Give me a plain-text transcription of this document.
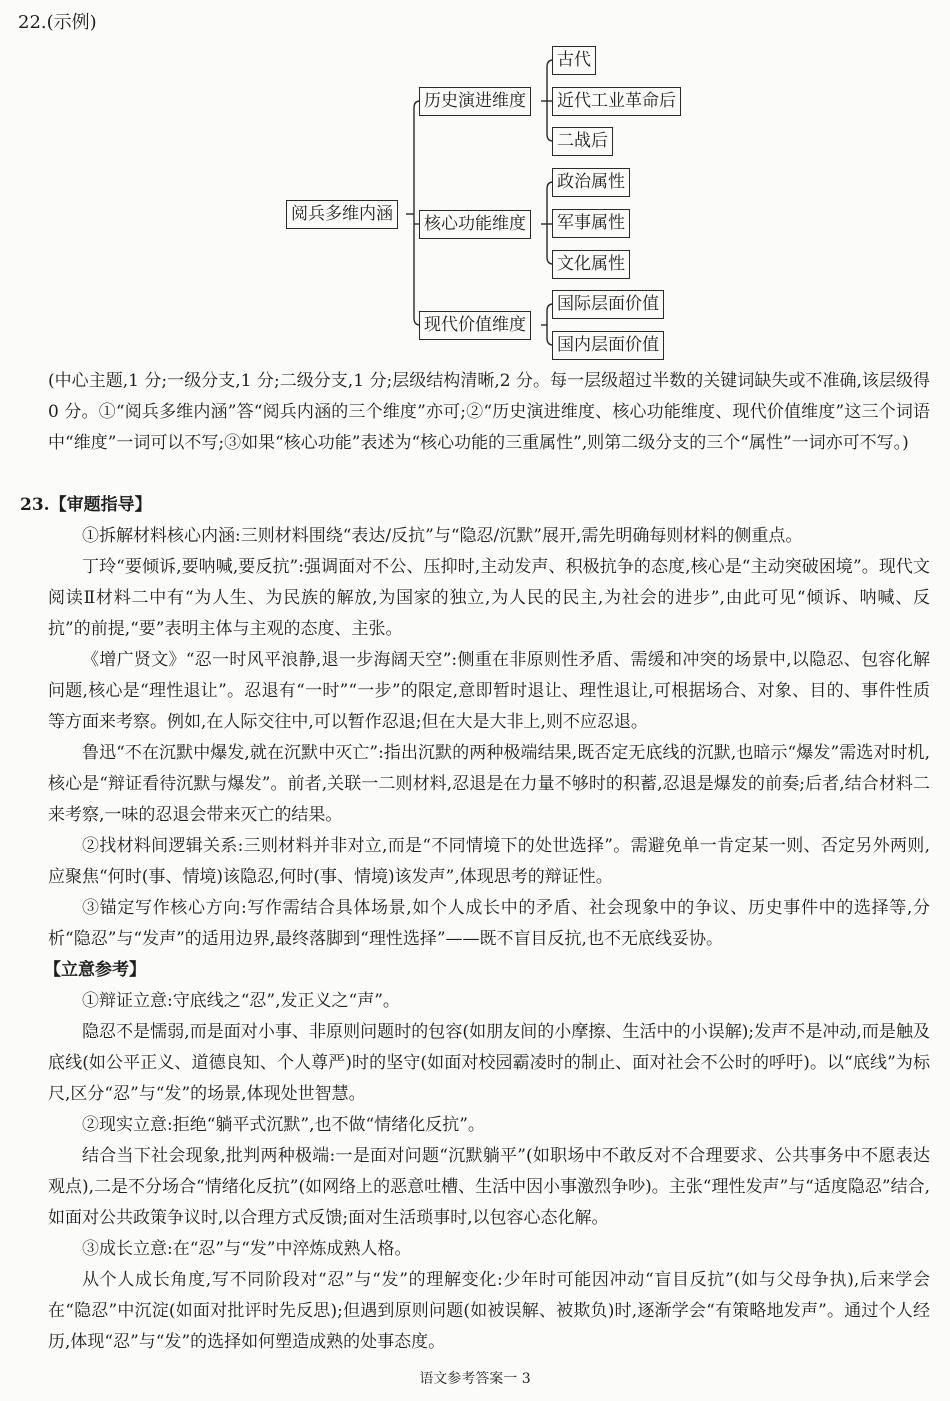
22.(示例)
阅兵多维内涵
历史演进维度
核心功能维度
现代价值维度
古代
近代工业革命后
二战后
政治属性
军事属性
文化属性
国际层面价值
国内层面价值

(中心主题,1 分;一级分支,1 分;二级分支,1 分;层级结构清晰,2 分。每一层级超过半数的关键词缺失或不准确,该层级得 0 分。①“阅兵多维内涵”答“阅兵内涵的三个维度”亦可;②“历史演进维度、核心功能维度、现代价值维度”这三个词语中“维度”一词可以不写;③如果“核心功能”表述为“核心功能的三重属性”,则第二级分支的三个“属性”一词亦可不写。)

23.【审题指导】

①拆解材料核心内涵:三则材料围绕“表达/反抗”与“隐忍/沉默”展开,需先明确每则材料的侧重点。

丁玲“要倾诉,要呐喊,要反抗”:强调面对不公、压抑时,主动发声、积极抗争的态度,核心是“主动突破困境”。现代文阅读Ⅱ材料二中有“为人生、为民族的解放,为国家的独立,为人民的民主,为社会的进步”,由此可见“倾诉、呐喊、反抗”的前提,“要”表明主体与主观的态度、主张。

《增广贤文》“忍一时风平浪静,退一步海阔天空”:侧重在非原则性矛盾、需缓和冲突的场景中,以隐忍、包容化解问题,核心是“理性退让”。忍退有“一时”“一步”的限定,意即暂时退让、理性退让,可根据场合、对象、目的、事件性质等方面来考察。例如,在人际交往中,可以暂作忍退;但在大是大非上,则不应忍退。

鲁迅“不在沉默中爆发,就在沉默中灭亡”:指出沉默的两种极端结果,既否定无底线的沉默,也暗示“爆发”需选对时机,核心是“辩证看待沉默与爆发”。前者,关联一二则材料,忍退是在力量不够时的积蓄,忍退是爆发的前奏;后者,结合材料二来考察,一味的忍退会带来灭亡的结果。

②找材料间逻辑关系:三则材料并非对立,而是“不同情境下的处世选择”。需避免单一肯定某一则、否定另外两则,应聚焦“何时(事、情境)该隐忍,何时(事、情境)该发声”,体现思考的辩证性。

③锚定写作核心方向:写作需结合具体场景,如个人成长中的矛盾、社会现象中的争议、历史事件中的选择等,分析“隐忍”与“发声”的适用边界,最终落脚到“理性选择”——既不盲目反抗,也不无底线妥协。

【立意参考】

①辩证立意:守底线之“忍”,发正义之“声”。

隐忍不是懦弱,而是面对小事、非原则问题时的包容(如朋友间的小摩擦、生活中的小误解);发声不是冲动,而是触及底线(如公平正义、道德良知、个人尊严)时的坚守(如面对校园霸凌时的制止、面对社会不公时的呼吁)。以“底线”为标尺,区分“忍”与“发”的场景,体现处世智慧。

②现实立意:拒绝“躺平式沉默”,也不做“情绪化反抗”。

结合当下社会现象,批判两种极端:一是面对问题“沉默躺平”(如职场中不敢反对不合理要求、公共事务中不愿表达观点),二是不分场合“情绪化反抗”(如网络上的恶意吐槽、生活中因小事激烈争吵)。主张“理性发声”与“适度隐忍”结合,如面对公共政策争议时,以合理方式反馈;面对生活琐事时,以包容心态化解。

③成长立意:在“忍”与“发”中淬炼成熟人格。

从个人成长角度,写不同阶段对“忍”与“发”的理解变化:少年时可能因冲动“盲目反抗”(如与父母争执),后来学会在“隐忍”中沉淀(如面对批评时先反思);但遇到原则问题(如被误解、被欺负)时,逐渐学会“有策略地发声”。通过个人经历,体现“忍”与“发”的选择如何塑造成熟的处事态度。

语文参考答案一 3
